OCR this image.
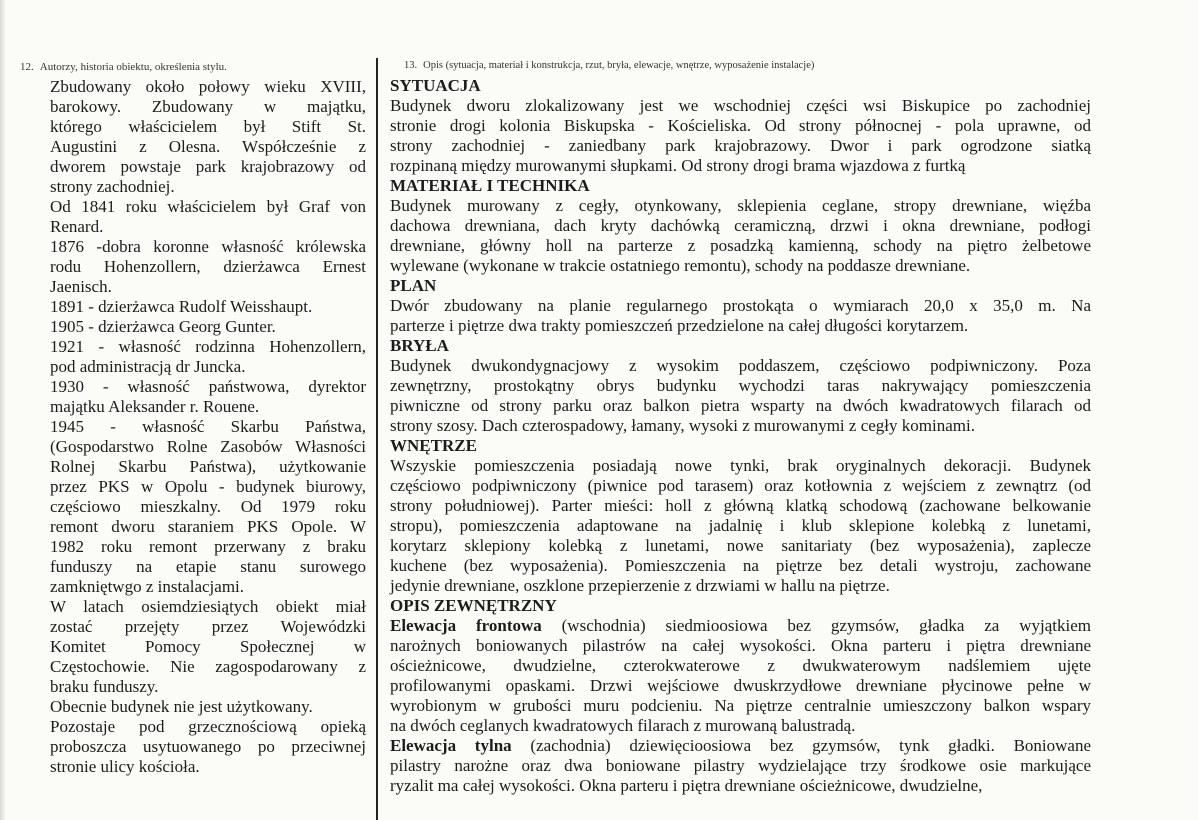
12. Autorzy, historia obiektu, określenia stylu.
Zbudowany około połowy wieku XVIII,
barokowy. Zbudowany w majątku,
którego właścicielem był Stift St.
Augustini z Olesna. Współcześnie z
dworem powstaje park krajobrazowy od
strony zachodniej.
Od 1841 roku właścicielem był Graf von
Renard.
1876 -dobra koronne własność królewska
rodu Hohenzollern, dzierżawca Ernest
Jaenisch.
1891 - dzierżawca Rudolf Weisshaupt.
1905 - dzierżawca Georg Gunter.
1921 - własność rodzinna Hohenzollern,
pod administracją dr Juncka.
1930 - własność państwowa, dyrektor
majątku Aleksander r. Rouene.
1945 - własność Skarbu Państwa,
(Gospodarstwo Rolne Zasobów Własności
Rolnej Skarbu Państwa), użytkowanie
przez PKS w Opolu - budynek biurowy,
częściowo mieszkalny. Od 1979 roku
remont dworu staraniem PKS Opole. W
1982 roku remont przerwany z braku
funduszy na etapie stanu surowego
zamkniętwgo z instalacjami.
W latach osiemdziesiątych obiekt miał
zostać przejęty przez Wojewódzki
Komitet Pomocy Społecznej w
Częstochowie. Nie zagospodarowany z
braku funduszy.
Obecnie budynek nie jest użytkowany.
Pozostaje pod grzecznościową opieką
proboszcza usytuowanego po przeciwnej
stronie ulicy kościoła.
13. Opis (sytuacja, materiał i konstrukcja, rzut, bryła, elewacje, wnętrze, wyposażenie instalacje)
SYTUACJA
Budynek dworu zlokalizowany jest we wschodniej części wsi Biskupice po zachodniej
stronie drogi kolonia Biskupska - Kościeliska. Od strony północnej - pola uprawne, od
strony zachodniej - zaniedbany park krajobrazowy. Dwor i park ogrodzone siatką
rozpinaną między murowanymi słupkami. Od strony drogi brama wjazdowa z furtką
MATERIAŁ I TECHNIKA
Budynek murowany z cegły, otynkowany, sklepienia ceglane, stropy drewniane, więźba
dachowa drewniana, dach kryty dachówką ceramiczną, drzwi i okna drewniane, podłogi
drewniane, główny holl na parterze z posadzką kamienną, schody na piętro żelbetowe
wylewane (wykonane w trakcie ostatniego remontu), schody na poddasze drewniane.
PLAN
Dwór zbudowany na planie regularnego prostokąta o wymiarach 20,0 x 35,0 m. Na
parterze i piętrze dwa trakty pomieszczeń przedzielone na całej długości korytarzem.
BRYŁA
Budynek dwukondygnacjowy z wysokim poddaszem, częściowo podpiwniczony. Poza
zewnętrzny, prostokątny obrys budynku wychodzi taras nakrywający pomieszczenia
piwniczne od strony parku oraz balkon pietra wsparty na dwóch kwadratowych filarach od
strony szosy. Dach czterospadowy, łamany, wysoki z murowanymi z cegły kominami.
WNĘTRZE
Wszyskie pomieszczenia posiadają nowe tynki, brak oryginalnych dekoracji. Budynek
częściowo podpiwniczony (piwnice pod tarasem) oraz kotłownia z wejściem z zewnątrz (od
strony południowej). Parter mieści: holl z główną klatką schodową (zachowane belkowanie
stropu), pomieszczenia adaptowane na jadalnię i klub sklepione kolebką z lunetami,
korytarz sklepiony kolebką z lunetami, nowe sanitariaty (bez wyposażenia), zaplecze
kuchene (bez wyposażenia). Pomieszczenia na piętrze bez detali wystroju, zachowane
jedynie drewniane, oszklone przepierzenie z drzwiami w hallu na piętrze.
OPIS ZEWNĘTRZNY
Elewacja frontowa (wschodnia) siedmioosiowa bez gzymsów, gładka za wyjątkiem
narożnych boniowanych pilastrów na całej wysokości. Okna parteru i piętra drewniane
ościeżnicowe, dwudzielne, czterokwaterowe z dwukwaterowym nadślemiem ujęte
profilowanymi opaskami. Drzwi wejściowe dwuskrzydłowe drewniane płycinowe pełne w
wyrobionym w grubości muru podcieniu. Na piętrze centralnie umieszczony balkon wspary
na dwóch ceglanych kwadratowych filarach z murowaną balustradą.
Elewacja tylna (zachodnia) dziewięcioosiowa bez gzymsów, tynk gładki. Boniowane
pilastry narożne oraz dwa boniowane pilastry wydzielające trzy środkowe osie markujące
ryzalit ma całej wysokości. Okna parteru i piętra drewniane ościeżnicowe, dwudzielne,
